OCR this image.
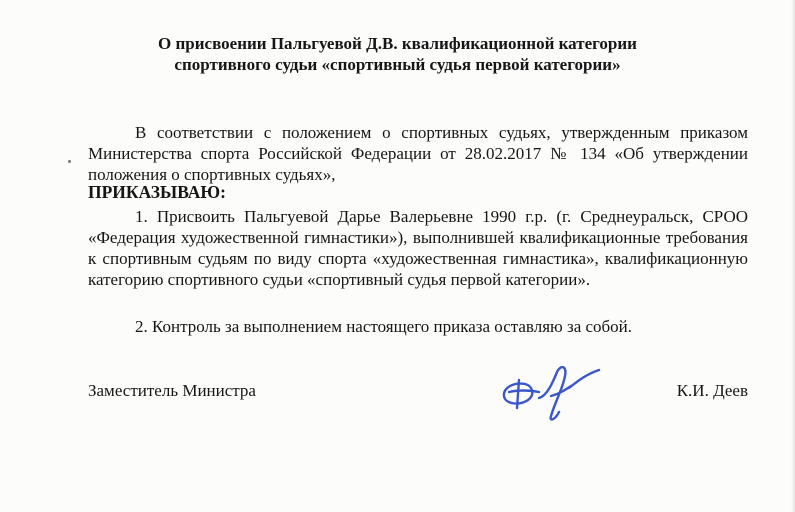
О присвоении Пальгуевой Д.В. квалификационной категории
спортивного судьи «спортивный судья первой категории»

В соответствии с положением о спортивных судьях, утвержденным приказом Министерства спорта Российской Федерации от 28.02.2017 № 134 «Об утверждении положения о спортивных судьях»,

ПРИКАЗЫВАЮ:

1. Присвоить Пальгуевой Дарье Валерьевне 1990 г.р. (г. Среднеуральск, СРОО «Федерация художественной гимнастики»), выполнившей квалификационные требования к спортивным судьям по виду спорта «художественная гимнастика», квалификационную категорию спортивного судьи «спортивный судья первой категории».

2. Контроль за выполнением настоящего приказа оставляю за собой.

Заместитель Министра	К.И. Деев
